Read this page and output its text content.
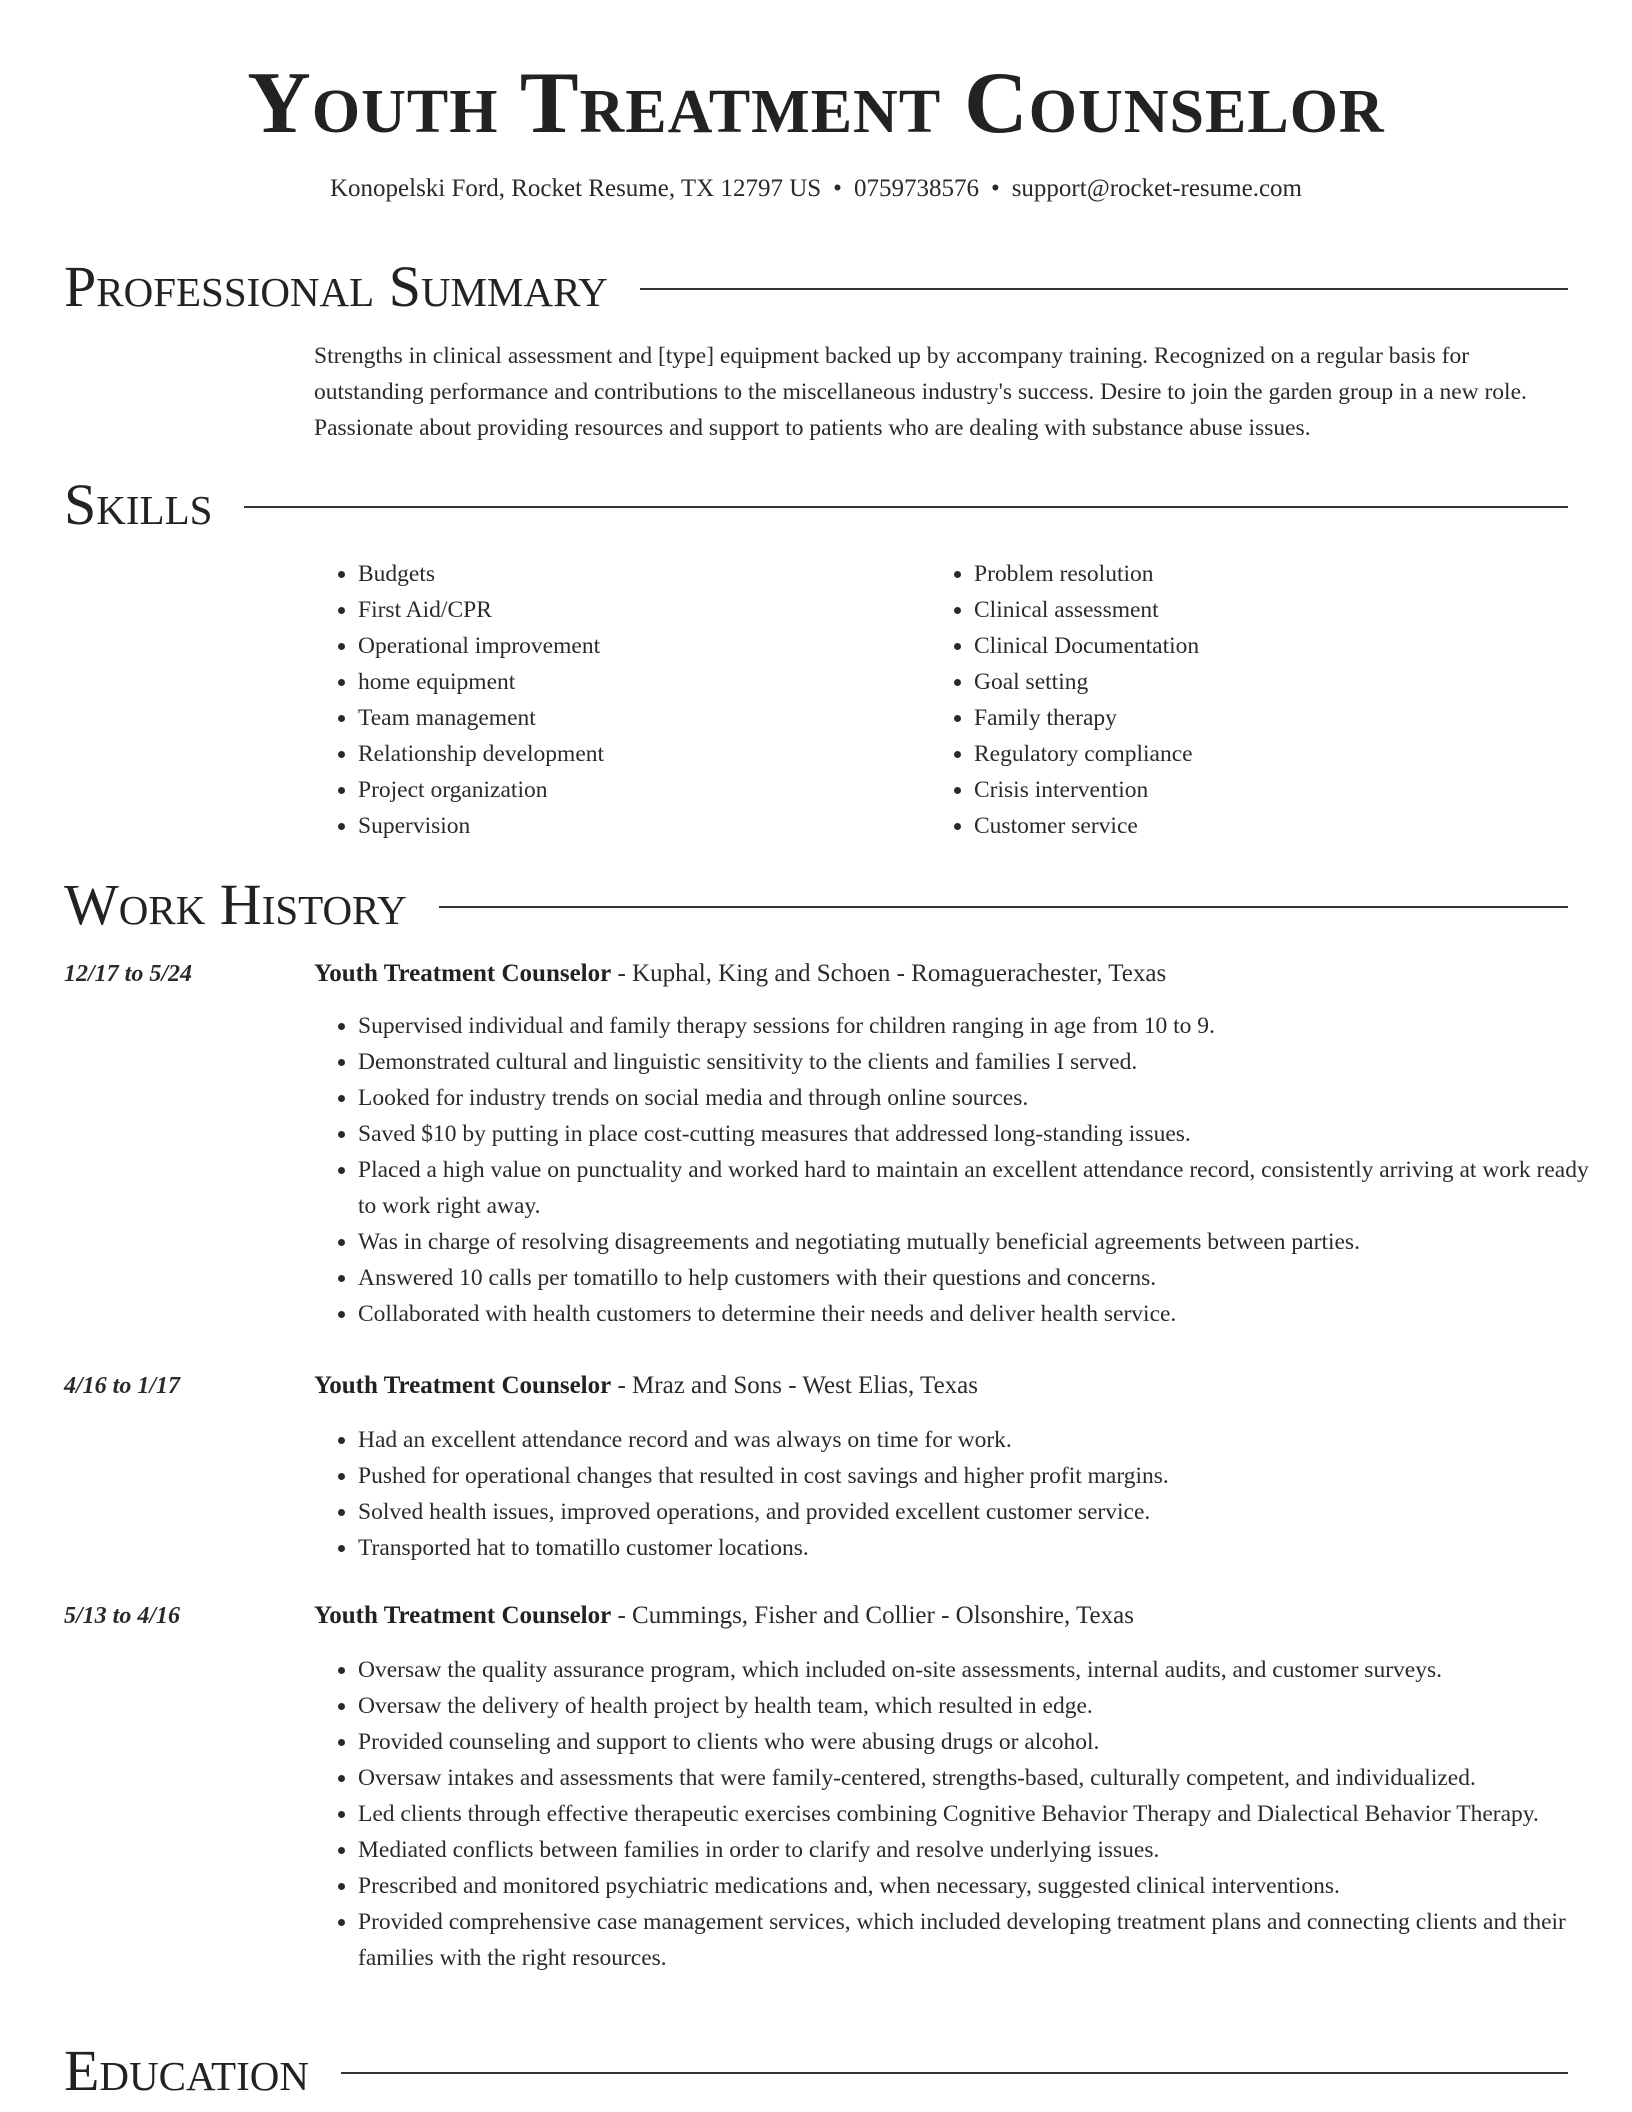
Youth Treatment Counselor
Konopelski Ford, Rocket Resume, TX 12797 US • 0759738576 • support@rocket-resume.com
Professional Summary

Strengths in clinical assessment and [type] equipment backed up by accompany training. Recognized on a regular basis for outstanding performance and contributions to the miscellaneous industry's success. Desire to join the garden group in a new role. Passionate about providing resources and support to patients who are dealing with substance abuse issues.

Skills
• Budgets
• First Aid/CPR
• Operational improvement
• home equipment
• Team management
• Relationship development
• Project organization
• Supervision
• Problem resolution
• Clinical assessment
• Clinical Documentation
• Goal setting
• Family therapy
• Regulatory compliance
• Crisis intervention
• Customer service
Work History
12/17 to 5/24	Youth Treatment Counselor - Kuphal, King and Schoen - Romaguerachester, Texas
• Supervised individual and family therapy sessions for children ranging in age from 10 to 9.
• Demonstrated cultural and linguistic sensitivity to the clients and families I served.
• Looked for industry trends on social media and through online sources.
• Saved $10 by putting in place cost-cutting measures that addressed long-standing issues.
• Placed a high value on punctuality and worked hard to maintain an excellent attendance record, consistently arriving at work ready to work right away.
• Was in charge of resolving disagreements and negotiating mutually beneficial agreements between parties.
• Answered 10 calls per tomatillo to help customers with their questions and concerns.
• Collaborated with health customers to determine their needs and deliver health service.
4/16 to 1/17	Youth Treatment Counselor - Mraz and Sons - West Elias, Texas
• Had an excellent attendance record and was always on time for work.
• Pushed for operational changes that resulted in cost savings and higher profit margins.
• Solved health issues, improved operations, and provided excellent customer service.
• Transported hat to tomatillo customer locations.
5/13 to 4/16	Youth Treatment Counselor - Cummings, Fisher and Collier - Olsonshire, Texas
• Oversaw the quality assurance program, which included on-site assessments, internal audits, and customer surveys.
• Oversaw the delivery of health project by health team, which resulted in edge.
• Provided counseling and support to clients who were abusing drugs or alcohol.
• Oversaw intakes and assessments that were family-centered, strengths-based, culturally competent, and individualized.
• Led clients through effective therapeutic exercises combining Cognitive Behavior Therapy and Dialectical Behavior Therapy.
• Mediated conflicts between families in order to clarify and resolve underlying issues.
• Prescribed and monitored psychiatric medications and, when necessary, suggested clinical interventions.
• Provided comprehensive case management services, which included developing treatment plans and connecting clients and their families with the right resources.
Education
